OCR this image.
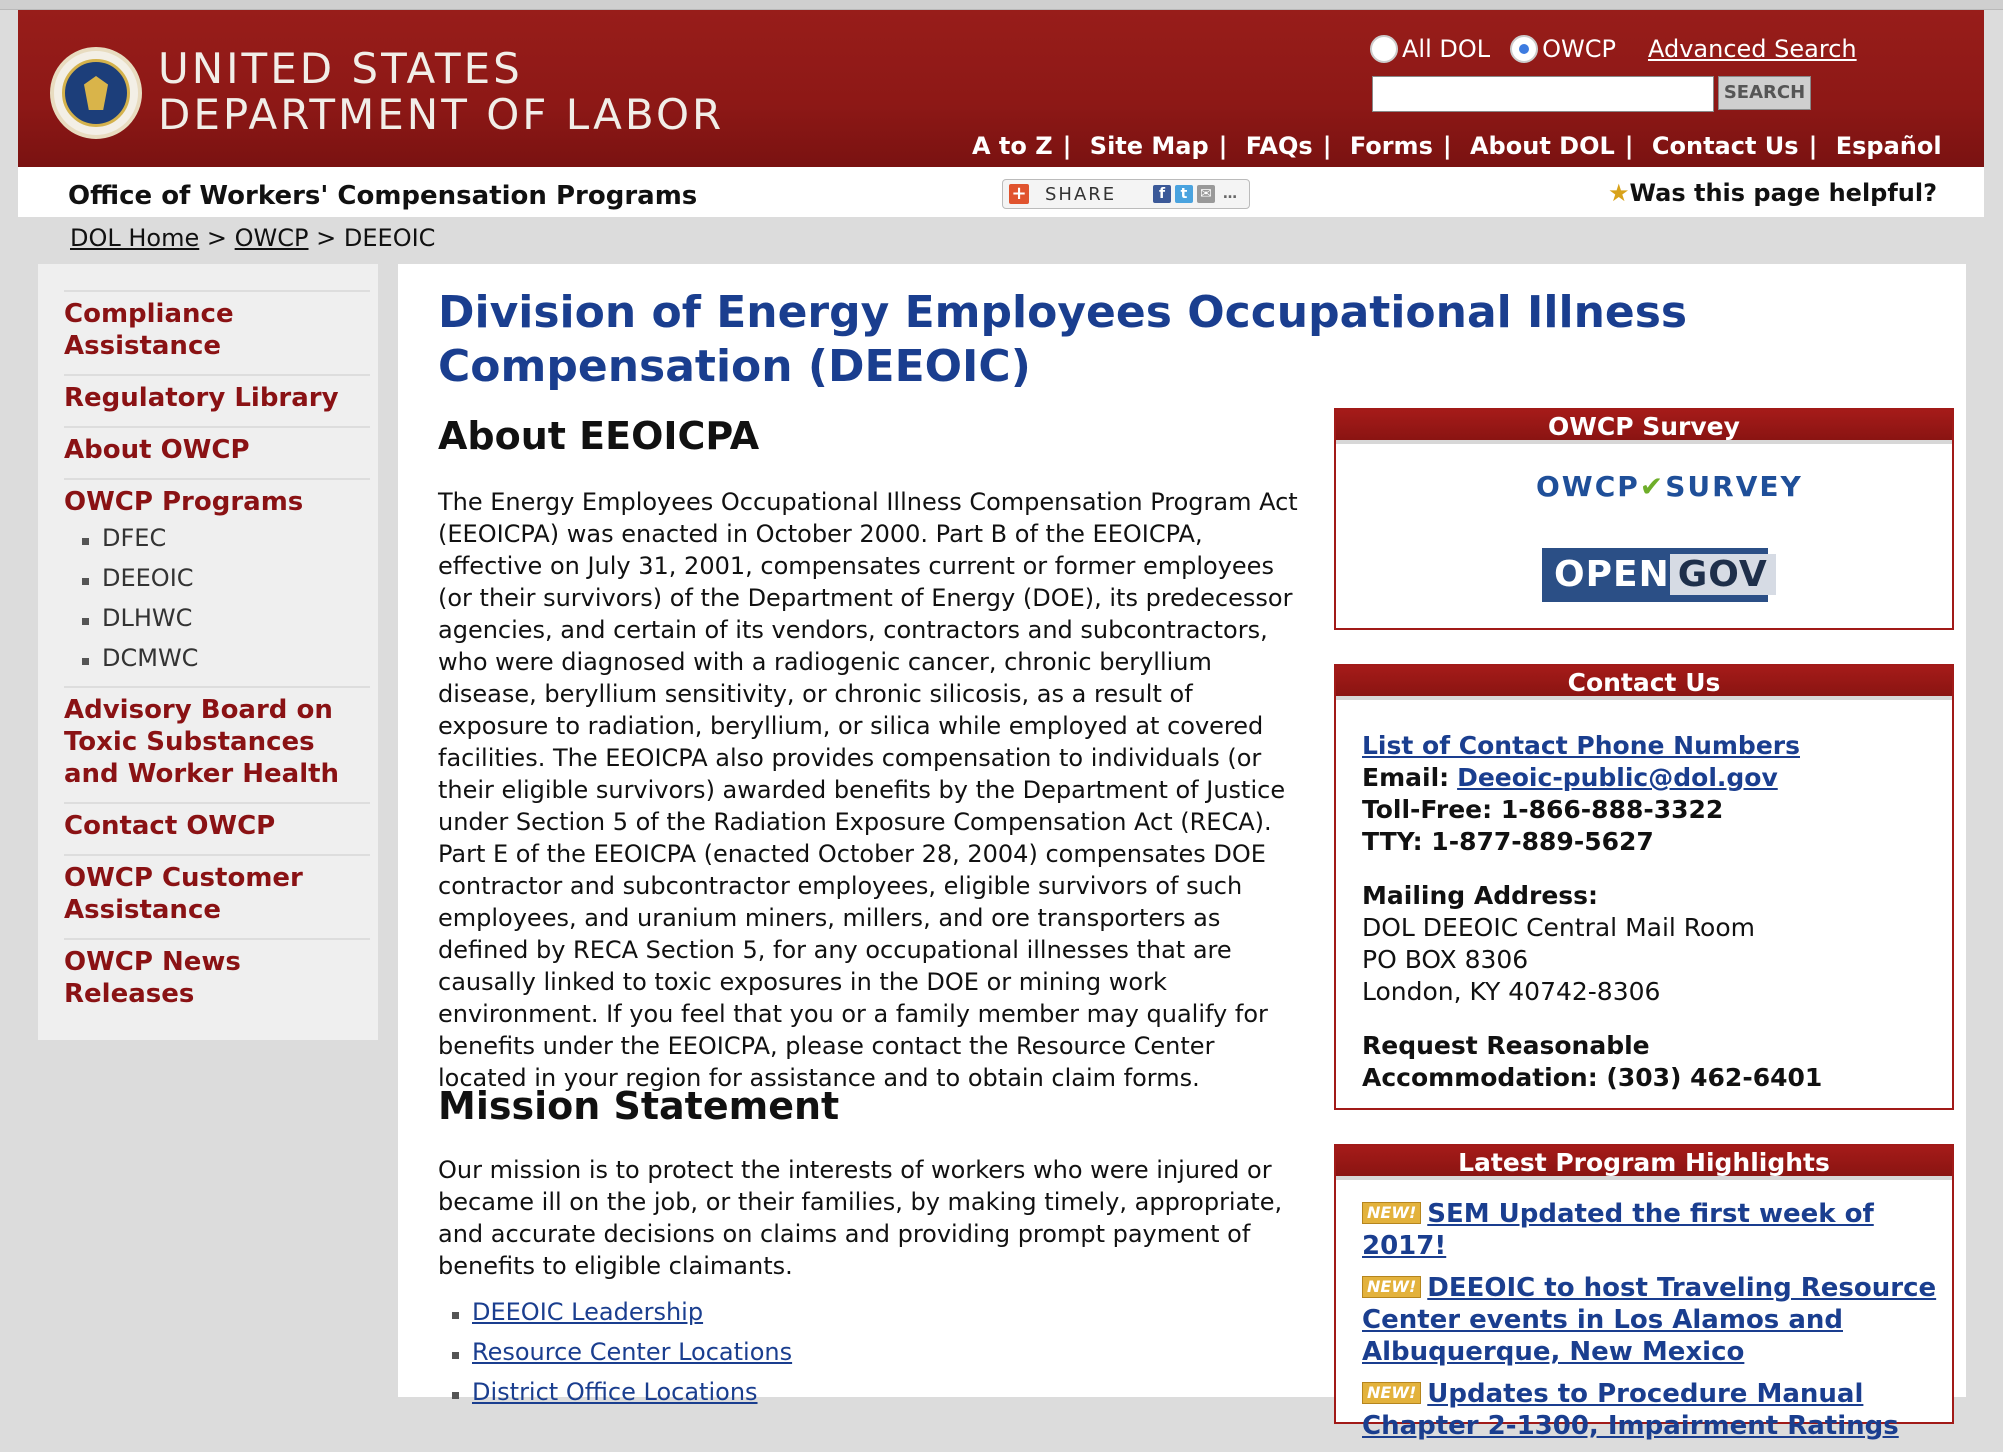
UNITED STATES
DEPARTMENT OF LABOR
All DOL OWCP Advanced Search
SEARCH
A to Z | Site Map | FAQs | Forms | About DOL | Contact Us | Español
Office of Workers' Compensation Programs	+ SHARE	f	t ✉ …	★Was this page helpful?
DOL Home > OWCP > DEEOIC
Compliance Assistance
Regulatory Library
About OWCP
OWCP Programs
DFEC
DEEOIC
DLHWC
DCMWC
Advisory Board on Toxic Substances and Worker Health
Contact OWCP
OWCP Customer Assistance
OWCP News Releases
Division of Energy Employees Occupational Illness Compensation (DEEOIC)
About EEOICPA

The Energy Employees Occupational Illness Compensation Program Act (EEOICPA) was enacted in October 2000. Part B of the EEOICPA, effective on July 31, 2001, compensates current or former employees (or their survivors) of the Department of Energy (DOE), its predecessor agencies, and certain of its vendors, contractors and subcontractors, who were diagnosed with a radiogenic cancer, chronic beryllium disease, beryllium sensitivity, or chronic silicosis, as a result of exposure to radiation, beryllium, or silica while employed at covered facilities. The EEOICPA also provides compensation to individuals (or their eligible survivors) awarded benefits by the Department of Justice under Section 5 of the Radiation Exposure Compensation Act (RECA). Part E of the EEOICPA (enacted October 28, 2004) compensates DOE contractor and subcontractor employees, eligible survivors of such employees, and uranium miners, millers, and ore transporters as defined by RECA Section 5, for any occupational illnesses that are causally linked to toxic exposures in the DOE or mining work environment. If you feel that you or a family member may qualify for benefits under the EEOICPA, please contact the Resource Center located in your region for assistance and to obtain claim forms.

Mission Statement

Our mission is to protect the interests of workers who were injured or became ill on the job, or their families, by making timely, appropriate, and accurate decisions on claims and providing prompt payment of benefits to eligible claimants.

DEEOIC Leadership
Resource Center Locations
District Office Locations
OWCP Survey
OWCP✔SURVEY
OPEN GOV
Contact Us
List of Contact Phone Numbers
Email: Deeoic-public@dol.gov
Toll-Free: 1-866-888-3322
TTY: 1-877-889-5627
Mailing Address:
DOL DEEOIC Central Mail Room
PO BOX 8306
London, KY 40742-8306
Request Reasonable
Accommodation: (303) 462-6401
Latest Program Highlights
NEW! SEM Updated the first week of 2017!
NEW! DEEOIC to host Traveling Resource Center events in Los Alamos and Albuquerque, New Mexico
NEW! Updates to Procedure Manual Chapter 2-1300, Impairment Ratings
